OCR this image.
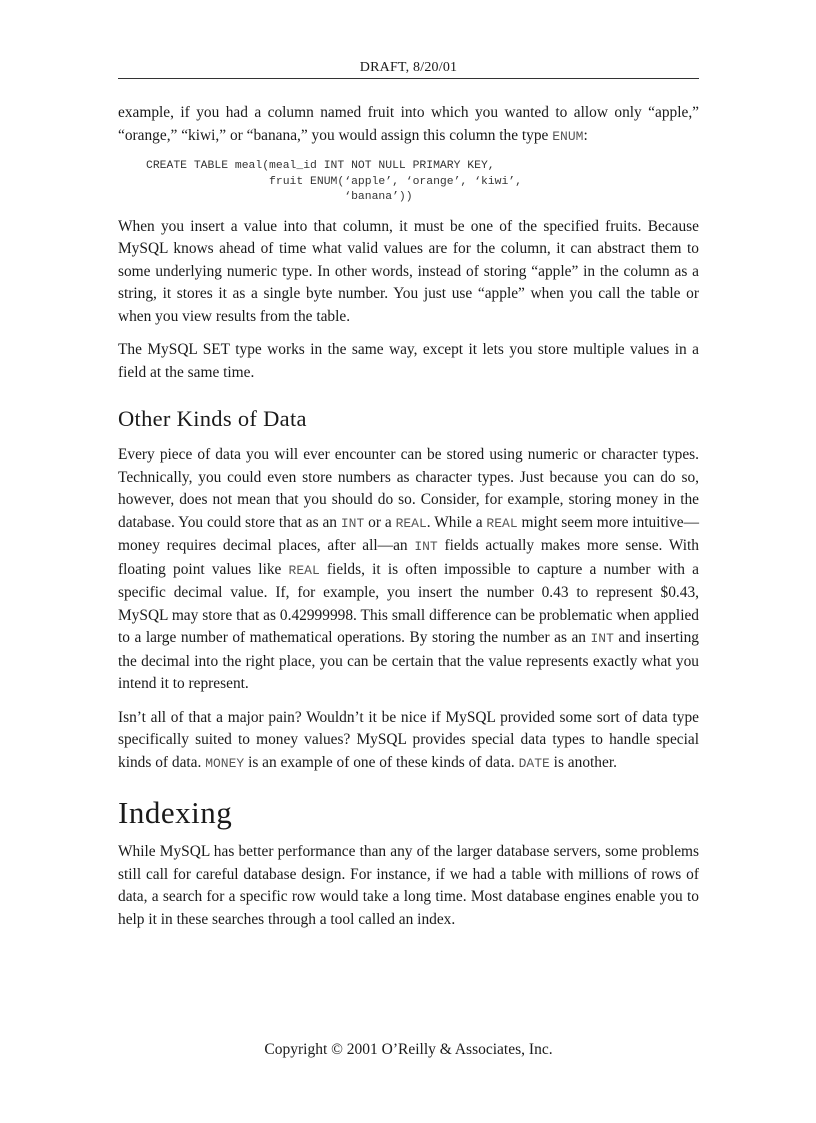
DRAFT, 8/20/01

example, if you had a column named fruit into which you wanted to allow only “apple,” “orange,” “kiwi,” or “banana,” you would assign this column the type ENUM:

CREATE TABLE meal(meal_id INT NOT NULL PRIMARY KEY,
fruit ENUM(‘apple’, ‘orange’, ‘kiwi’,
‘banana’))

When you insert a value into that column, it must be one of the specified fruits. Because MySQL knows ahead of time what valid values are for the column, it can abstract them to some underlying numeric type. In other words, instead of storing “apple” in the column as a string, it stores it as a single byte number. You just use “apple” when you call the table or when you view results from the table.

The MySQL SET type works in the same way, except it lets you store multiple values in a field at the same time.

Other Kinds of Data

Every piece of data you will ever encounter can be stored using numeric or character types. Technically, you could even store numbers as character types. Just because you can do so, however, does not mean that you should do so. Consider, for example, storing money in the database. You could store that as an INT or a REAL. While a REAL might seem more intuitive—money requires decimal places, after all—an INT fields actually makes more sense. With floating point values like REAL fields, it is often impossible to capture a number with a specific decimal value. If, for example, you insert the number 0.43 to represent $0.43, MySQL may store that as 0.42999998. This small difference can be problematic when applied to a large number of mathematical operations. By storing the number as an INT and inserting the decimal into the right place, you can be certain that the value represents exactly what you intend it to represent.

Isn’t all of that a major pain? Wouldn’t it be nice if MySQL provided some sort of data type specifically suited to money values? MySQL provides special data types to handle special kinds of data. MONEY is an example of one of these kinds of data. DATE is another.

Indexing

While MySQL has better performance than any of the larger database servers, some problems still call for careful database design. For instance, if we had a table with millions of rows of data, a search for a specific row would take a long time. Most database engines enable you to help it in these searches through a tool called an index.

Copyright © 2001 O’Reilly & Associates, Inc.
